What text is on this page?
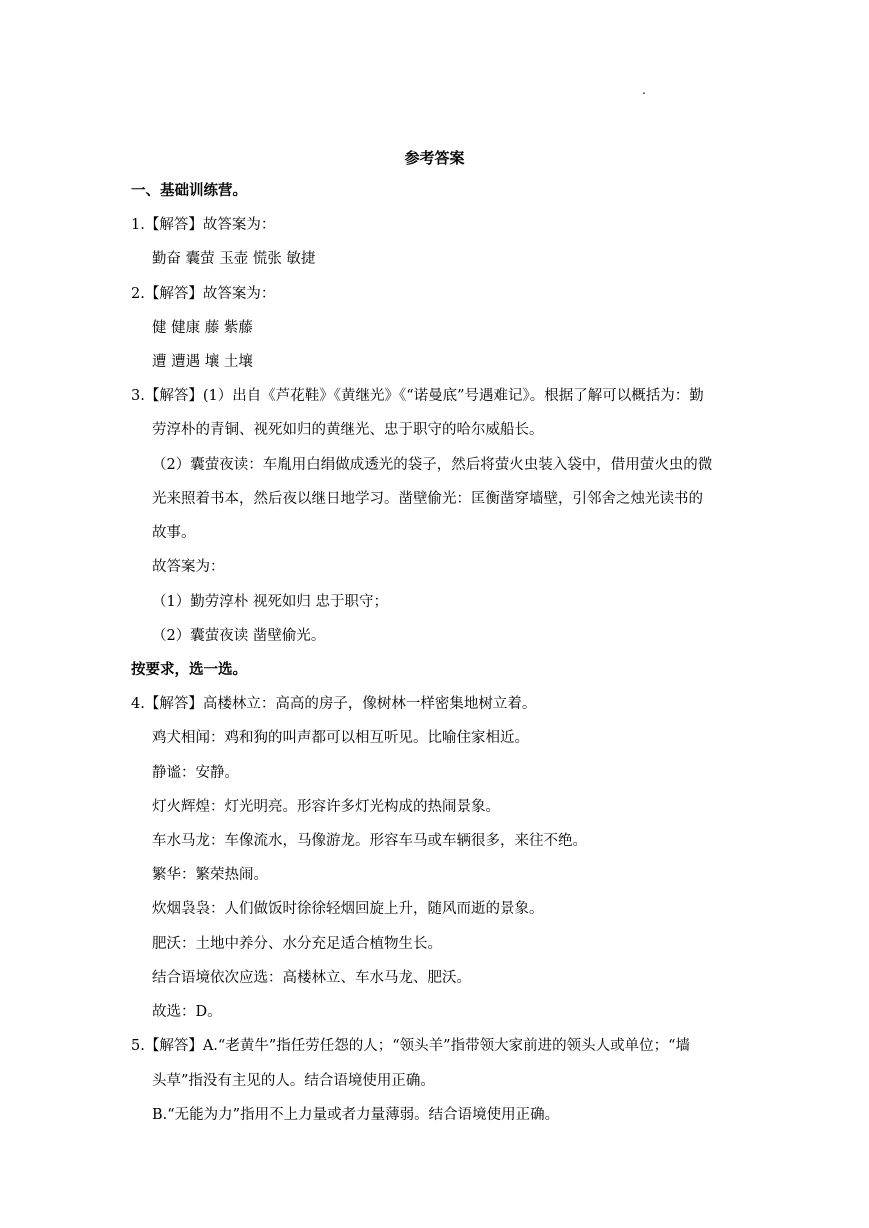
.
参考答案
一、基础训练营。
1.【解答】故答案为：
勤奋 囊萤 玉壶 慌张 敏捷
2.【解答】故答案为：
健 健康 藤 紫藤
遭 遭遇 壤 土壤
3.【解答】(1）出自《芦花鞋》《黄继光》《“诺曼底”号遇难记》。根据了解可以概括为：勤
劳淳朴的青铜、视死如归的黄继光、忠于职守的哈尔威船长。
（2）囊萤夜读：车胤用白绢做成透光的袋子，然后将萤火虫装入袋中，借用萤火虫的微
光来照着书本，然后夜以继日地学习。凿壁偷光：匡衡凿穿墙壁，引邻舍之烛光读书的
故事。
故答案为：
（1）勤劳淳朴 视死如归 忠于职守；
（2）囊萤夜读 凿壁偷光。
按要求，选一选。
4.【解答】高楼林立：高高的房子，像树林一样密集地树立着。
鸡犬相闻：鸡和狗的叫声都可以相互听见。比喻住家相近。
静谧：安静。
灯火辉煌：灯光明亮。形容许多灯光构成的热闹景象。
车水马龙：车像流水，马像游龙。形容车马或车辆很多，来往不绝。
繁华：繁荣热闹。
炊烟袅袅：人们做饭时徐徐轻烟回旋上升，随风而逝的景象。
肥沃：土地中养分、水分充足适合植物生长。
结合语境依次应选：高楼林立、车水马龙、肥沃。
故选：D。
5.【解答】A.“老黄牛”指任劳任怨的人；“领头羊”指带领大家前进的领头人或单位；“墙
头草”指没有主见的人。结合语境使用正确。
B.“无能为力”指用不上力量或者力量薄弱。结合语境使用正确。
